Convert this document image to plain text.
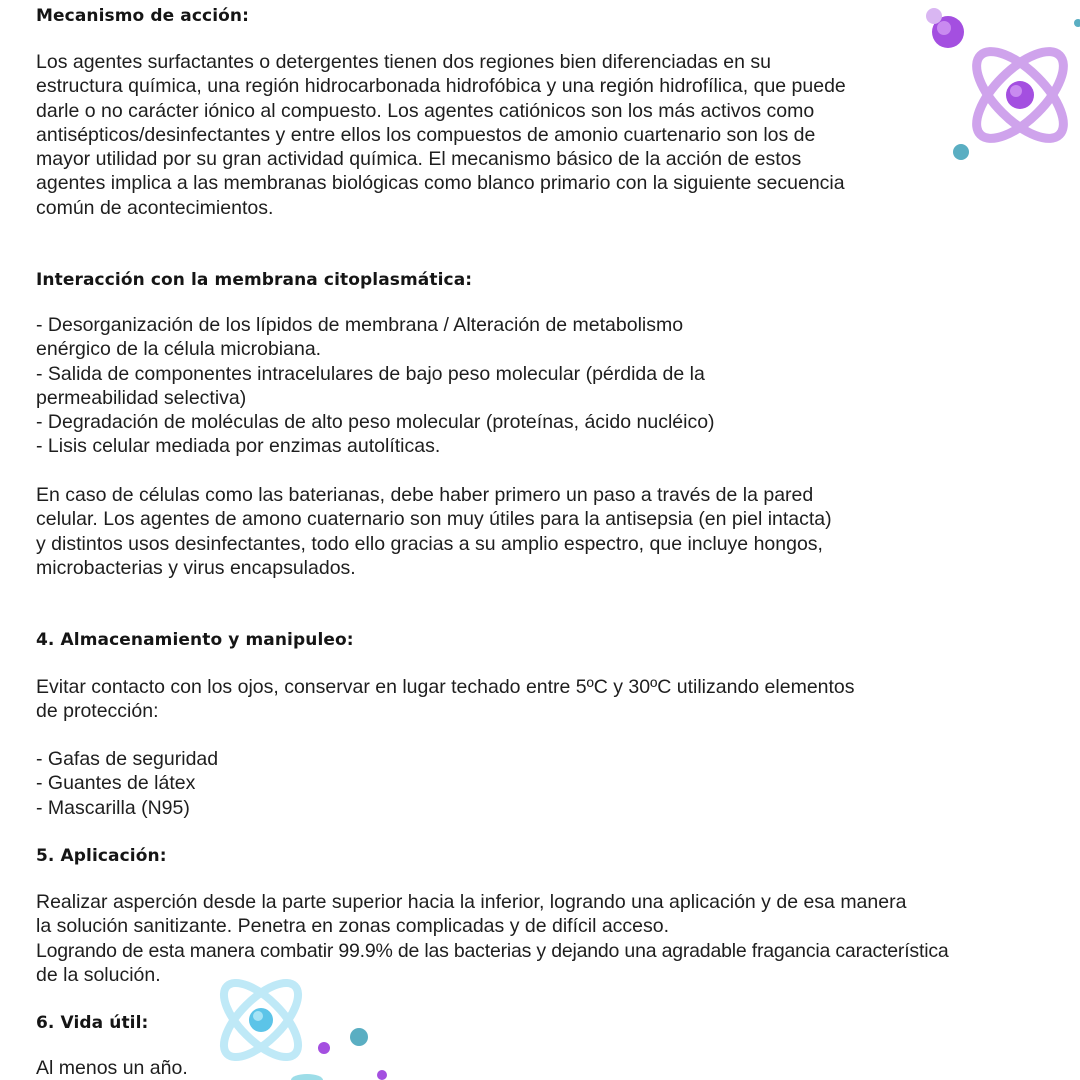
Mecanismo de acción:
Los agentes surfactantes o detergentes tienen dos regiones bien diferenciadas en su
estructura química, una región hidrocarbonada hidrofóbica y una región hidrofílica, que puede
darle o no carácter iónico al compuesto. Los agentes catiónicos son los más activos como
antisépticos/desinfectantes y entre ellos los compuestos de amonio cuartenario son los de
mayor utilidad por su gran actividad química. El mecanismo básico de la acción de estos
agentes implica a las membranas biológicas como blanco primario con la siguiente secuencia
común de acontecimientos.
Interacción con la membrana citoplasmática:
- Desorganización de los lípidos de membrana / Alteración de metabolismo
enérgico de la célula microbiana.
- Salida de componentes intracelulares de bajo peso molecular (pérdida de la
permeabilidad selectiva)
- Degradación de moléculas de alto peso molecular (proteínas, ácido nucléico)
- Lisis celular mediada por enzimas autolíticas.
En caso de células como las baterianas, debe haber primero un paso a través de la pared
celular. Los agentes de amono cuaternario son muy útiles para la antisepsia (en piel intacta)
y distintos usos desinfectantes, todo ello gracias a su amplio espectro, que incluye hongos,
microbacterias y virus encapsulados.
4. Almacenamiento y manipuleo:
Evitar contacto con los ojos, conservar en lugar techado entre 5ºC y 30ºC utilizando elementos
de protección:
- Gafas de seguridad
- Guantes de látex
- Mascarilla (N95)
5. Aplicación:
Realizar asperción desde la parte superior hacia la inferior, logrando una aplicación y de esa manera
la solución sanitizante. Penetra en zonas complicadas y de difícil acceso.
Logrando de esta manera combatir 99.9% de las bacterias y dejando una agradable fragancia característica
de la solución.
6. Vida útil:
Al menos un año.
